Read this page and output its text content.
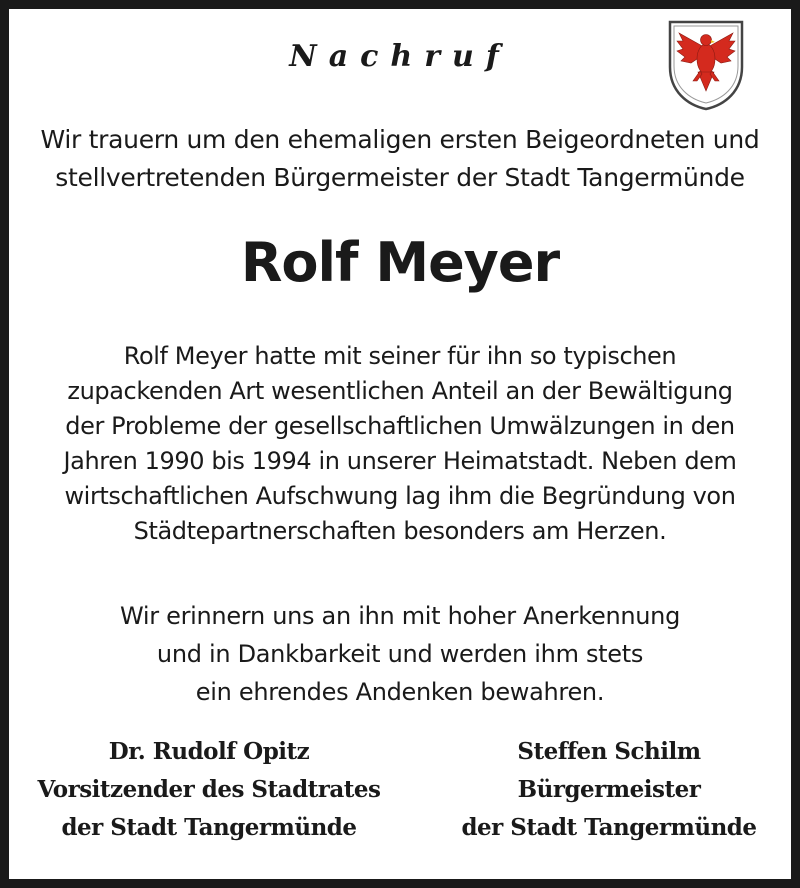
Nachruf
Wir trauern um den ehemaligen ersten Beigeordneten und
stellvertretenden Bürgermeister der Stadt Tangermünde
Rolf Meyer
Rolf Meyer hatte mit seiner für ihn so typischen
zupackenden Art wesentlichen Anteil an der Bewältigung
der Probleme der gesellschaftlichen Umwälzungen in den
Jahren 1990 bis 1994 in unserer Heimatstadt. Neben dem
wirtschaftlichen Aufschwung lag ihm die Begründung von
Städtepartnerschaften besonders am Herzen.
Wir erinnern uns an ihn mit hoher Anerkennung
und in Dankbarkeit und werden ihm stets
ein ehrendes Andenken bewahren.
Dr. Rudolf Opitz
Vorsitzender des Stadtrates
der Stadt Tangermünde
Steffen Schilm
Bürgermeister
der Stadt Tangermünde
